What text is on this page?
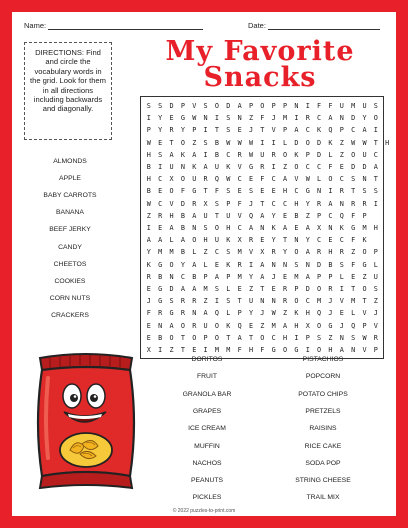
Name:	Date:
DIRECTIONS: Find and circle the vocabulary words in the grid. Look for them in all directions including backwards and diagonally.
My Favorite
Snacks
S	S	D	P	V	S	O	D	A	P	O	P	P	N	I	F	F	U	M	U	S
I	Y	E	G	W	N	I	S	N	Z	F	J	M	I	R	C	A	N	D	Y	O
P	Y	R	Y	P	I	T	S	E	J	T	V	P	A	C	K	Q	P	C	A	I
W	E	T	O	Z	S	B	W	W	W	I	I	L	D	O	D	K	Z	W	W	T	H
H	S	A	K	A	I	B	C	R	W	U	R	O	K	P	D	L	Z	O	U	C
B	I	U	N	K	A	U	K	V	G	R	I	Z	O	C	C	F	E	D	D	A
H	C	X	O	U	R	Q	W	C	E	F	C	A	V	W	L	O	C	S	N	T
B	E	O	F	G	T	F	S	E	S	E	E	H	C	G	N	I	R	T	S	S
W	C	V	D	R	X	S	P	F	J	T	C	C	H	Y	R	A	N	R	R	I
Z	R	H	B	A	U	T	U	V	Q	A	Y	E	B	Z	P	C	Q	F	P
I	E	A	B	N	S	O	H	C	A	N	K	A	E	A	X	N	K	G	M	H
A	A	L	A	O	H	U	K	X	R	E	Y	T	N	Y	C	E	C	F	K
Y	M	M	B	L	Z	C	S	M	V	X	R	Y	O	A	R	H	R	Z	O	P
K	G	O	Y	A	L	E	K	R	I	A	N	N	S	N	D	B	S	F	G	L
R	B	N	C	B	P	A	P	M	Y	A	J	E	M	A	P	P	L	E	Z	U
E	G	D	A	A	M	S	L	E	Z	T	E	R	P	D	O	R	I	T	O	S
J	G	S	R	R	Z	I	S	T	U	N	N	R	O	C	M	J	V	M	T	Z
F	R	G	R	N	A	Q	L	P	Y	J	W	Z	K	H	Q	J	E	L	V	J
E	N	A	O	R	U	O	K	Q	E	Z	M	A	H	X	O	G	J	Q	P	V
E	B	O	T	O	P	O	T	A	T	O	C	H	I	P	S	Z	N	S	W	R
X	I	Z	T	E	I	M	M	F	H	F	G	O	G	I	O	H	A	N	V	P
ALMONDS
APPLE
BABY CARROTS
BANANA
BEEF JERKY
CANDY
CHEETOS
COOKIES
CORN NUTS
CRACKERS
DORITOS
FRUIT
GRANOLA BAR
GRAPES
ICE CREAM
MUFFIN
NACHOS
PEANUTS
PICKLES
PISTACHIOS
POPCORN
POTATO CHIPS
PRETZELS
RAISINS
RICE CAKE
SODA POP
STRING CHEESE
TRAIL MIX
© 2022 puzzles-to-print.com
